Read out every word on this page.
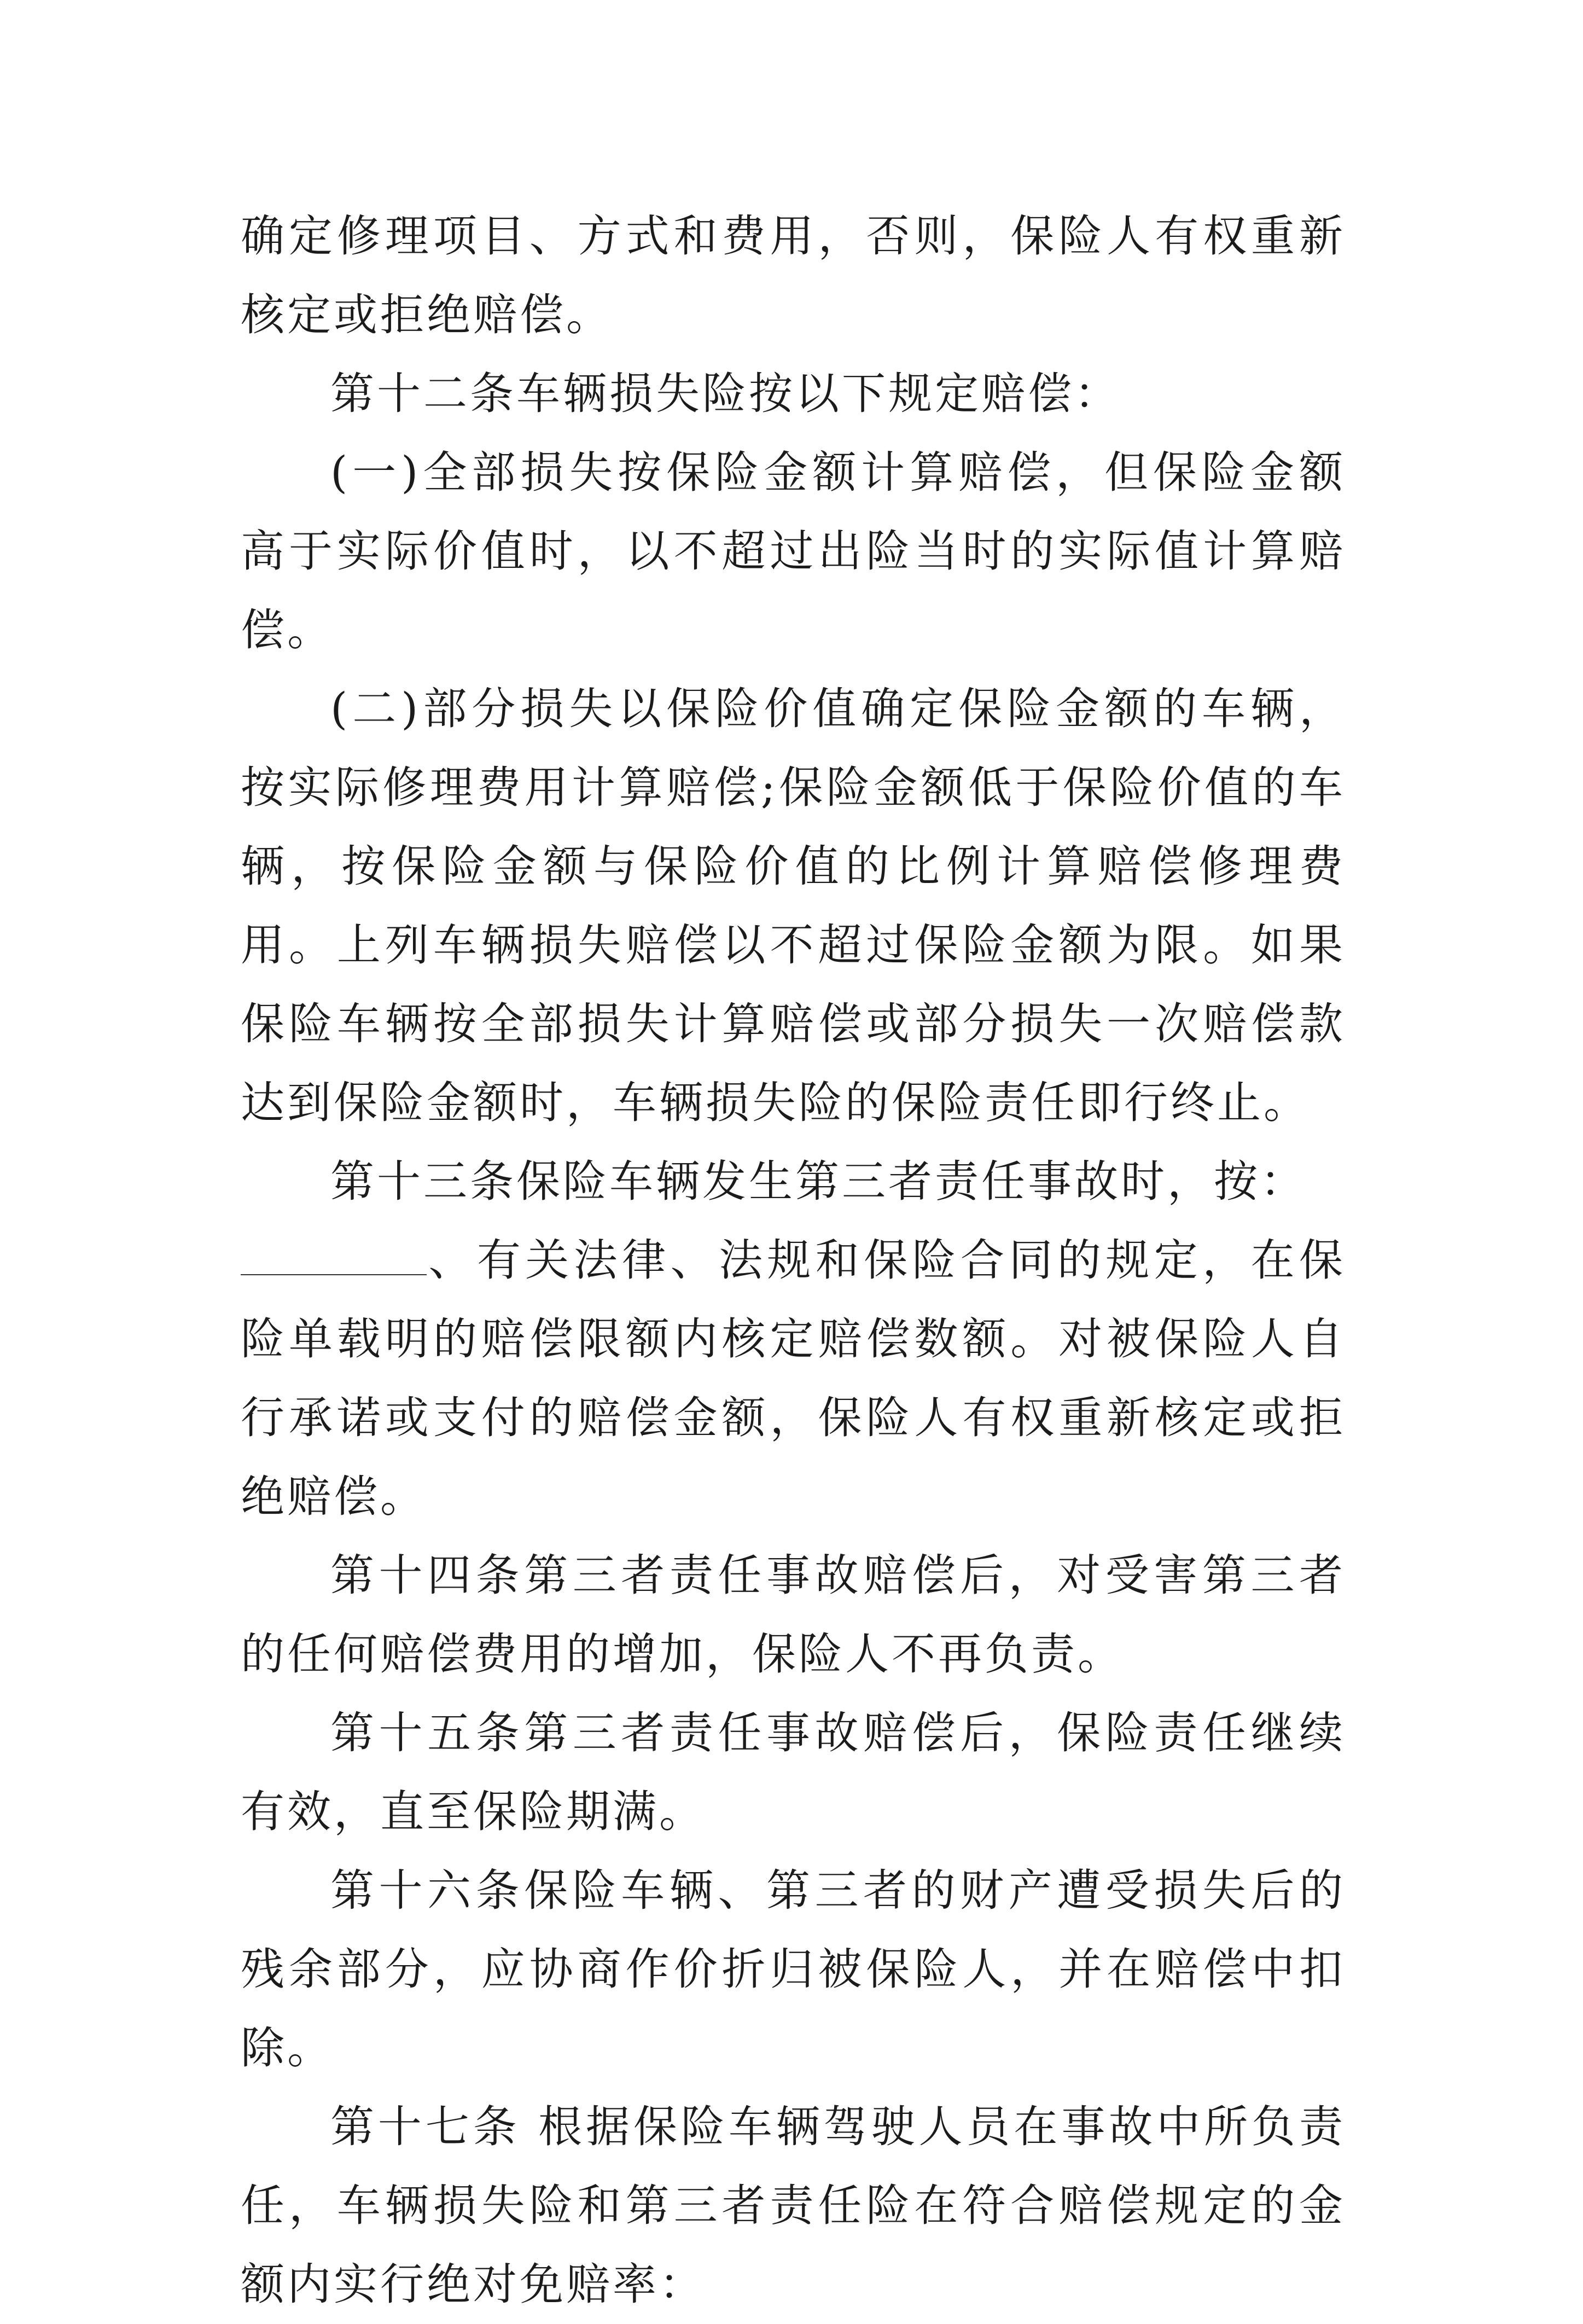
确定修理项目、方式和费用，否则，保险人有权重新核定或拒绝赔偿。

第十二条车辆损失险按以下规定赔偿：

(一)全部损失按保险金额计算赔偿，但保险金额高于实际价值时，以不超过出险当时的实际值计算赔偿。

(二)部分损失以保险价值确定保险金额的车辆，按实际修理费用计算赔偿;保险金额低于保险价值的车辆，按保险金额与保险价值的比例计算赔偿修理费用。上列车辆损失赔偿以不超过保险金额为限。如果保险车辆按全部损失计算赔偿或部分损失一次赔偿款达到保险金额时，车辆损失险的保险责任即行终止。

第十三条保险车辆发生第三者责任事故时，按：

、有关法律、法规和保险合同的规定，在保险单载明的赔偿限额内核定赔偿数额。对被保险人自行承诺或支付的赔偿金额，保险人有权重新核定或拒绝赔偿。

第十四条第三者责任事故赔偿后，对受害第三者的任何赔偿费用的增加，保险人不再负责。

第十五条第三者责任事故赔偿后，保险责任继续有效，直至保险期满。

第十六条保险车辆、第三者的财产遭受损失后的残余部分，应协商作价折归被保险人，并在赔偿中扣除。

第十七条 根据保险车辆驾驶人员在事故中所负责任，车辆损失险和第三者责任险在符合赔偿规定的金额内实行绝对免赔率：
